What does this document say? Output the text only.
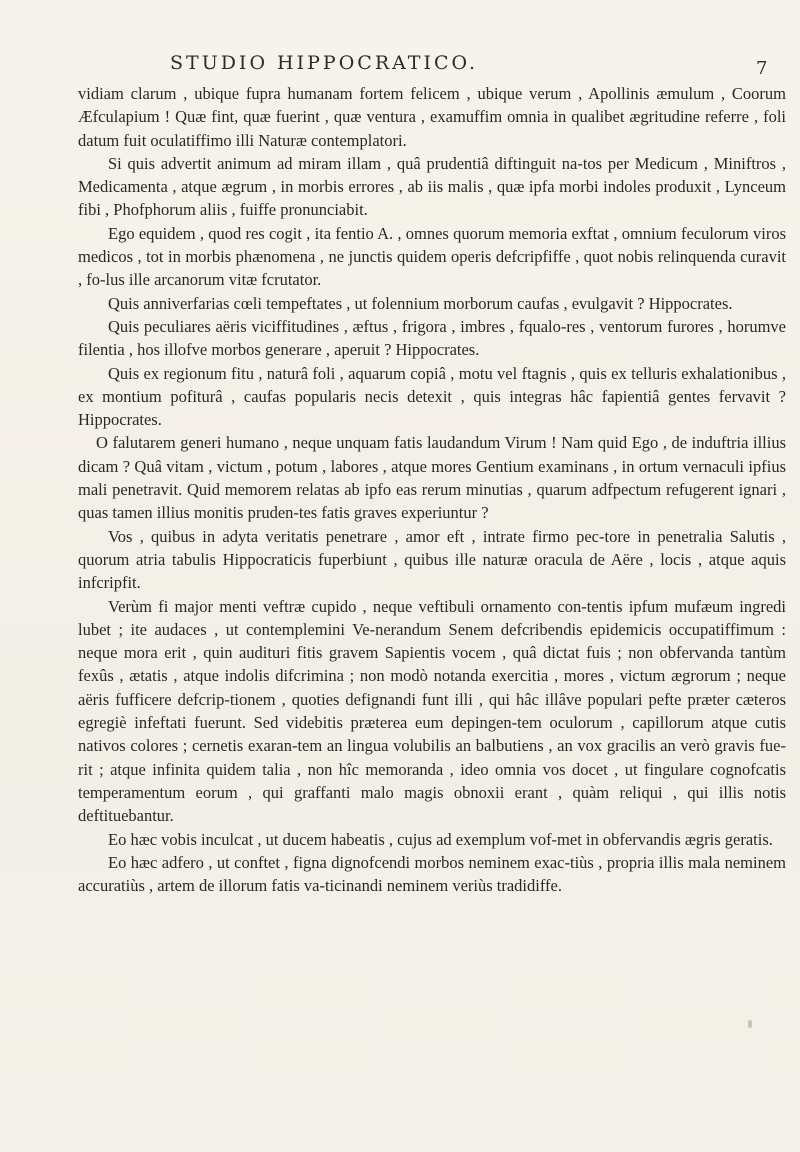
STUDIO HIPPOCRATICO.	7

vidiam clarum , ubique fupra humanam fortem felicem , ubique verum , Apollinis æmulum , Coorum Æfculapium ! Quæ fint, quæ fuerint , quæ ventura , examuffim omnia in qualibet ægritudine referre , foli datum fuit oculatiffimo illi Naturæ contemplatori.

Si quis advertit animum ad miram illam , quâ prudentiâ diftinguit na-tos per Medicum , Miniftros , Medicamenta , atque ægrum , in morbis errores , ab iis malis , quæ ipfa morbi indoles produxit , Lynceum fibi , Phofphorum aliis , fuiffe pronunciabit.

Ego equidem , quod res cogit , ita fentio A. , omnes quorum memoria exftat , omnium feculorum viros medicos , tot in morbis phænomena , ne junctis quidem operis defcripfiffe , quot nobis relinquenda curavit , fo-lus ille arcanorum vitæ fcrutator.

Quis anniverfarias cœli tempeftates , ut folennium morborum caufas , evulgavit ? Hippocrates.

Quis peculiares aëris viciffitudines , æftus , frigora , imbres , fqualo-res , ventorum furores , horumve filentia , hos illofve morbos generare , aperuit ? Hippocrates.

Quis ex regionum fitu , naturâ foli , aquarum copiâ , motu vel ftagnis , quis ex telluris exhalationibus , ex montium pofiturâ , caufas popularis necis detexit , quis integras hâc fapientiâ gentes fervavit ? Hippocrates.

O falutarem generi humano , neque unquam fatis laudandum Virum ! Nam quid Ego , de induftria illius dicam ? Quâ vitam , victum , potum , labores , atque mores Gentium examinans , in ortum vernaculi ipfius mali penetravit. Quid memorem relatas ab ipfo eas rerum minutias , quarum adfpectum refugerent ignari , quas tamen illius monitis pruden-tes fatis graves experiuntur ?

Vos , quibus in adyta veritatis penetrare , amor eft , intrate firmo pec-tore in penetralia Salutis , quorum atria tabulis Hippocraticis fuperbiunt , quibus ille naturæ oracula de Aëre , locis , atque aquis infcripfit.

Verùm fi major menti veftræ cupido , neque veftibuli ornamento con-tentis ipfum mufæum ingredi lubet ; ite audaces , ut contemplemini Ve-nerandum Senem defcribendis epidemicis occupatiffimum : neque mora erit , quin audituri fitis gravem Sapientis vocem , quâ dictat fuis ; non obfervanda tantùm fexûs , ætatis , atque indolis difcrimina ; non modò notanda exercitia , mores , victum ægrorum ; neque aëris fufficere defcrip-tionem , quoties defignandi funt illi , qui hâc illâve populari pefte præter cæteros egregiè infeftati fuerunt. Sed videbitis præterea eum depingen-tem oculorum , capillorum atque cutis nativos colores ; cernetis exaran-tem an lingua volubilis an balbutiens , an vox gracilis an verò gravis fue-rit ; atque infinita quidem talia , non hîc memoranda , ideo omnia vos docet , ut fingulare cognofcatis temperamentum eorum , qui graffanti malo magis obnoxii erant , quàm reliqui , qui illis notis deftituebantur.

Eo hæc vobis inculcat , ut ducem habeatis , cujus ad exemplum vof-met in obfervandis ægris geratis.

Eo hæc adfero , ut conftet , figna dignofcendi morbos neminem exac-tiùs , propria illis mala neminem accuratiùs , artem de illorum fatis va-ticinandi neminem veriùs tradidiffe.
